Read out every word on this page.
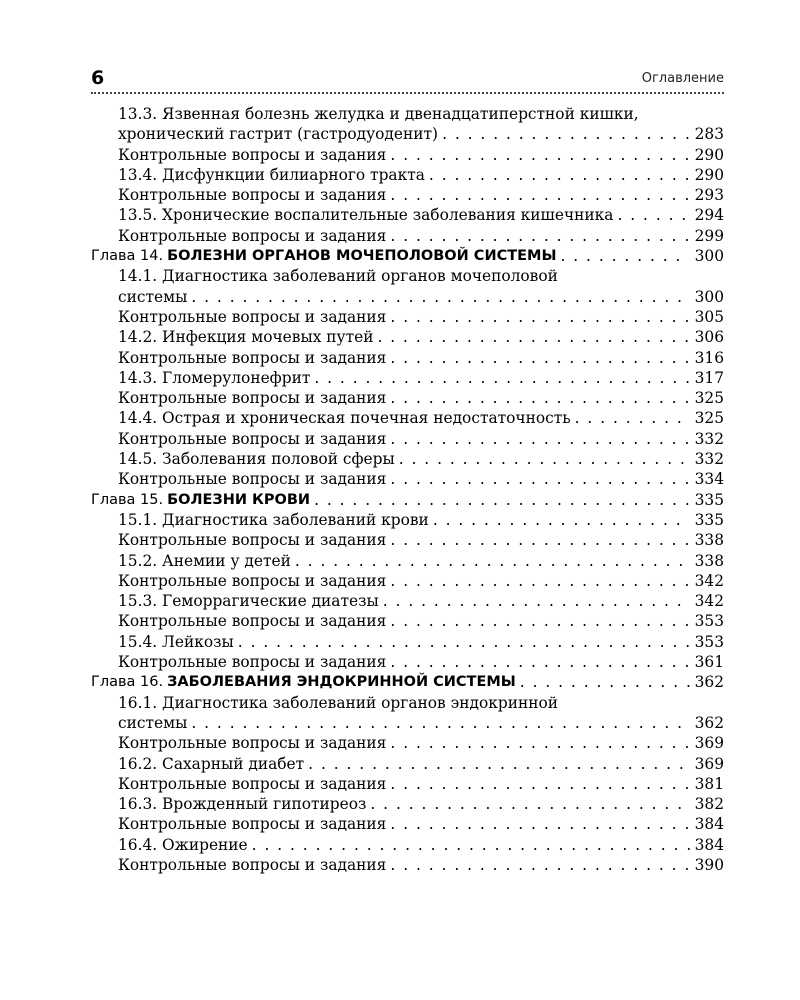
6	Оглавление
13.3. Язвенная болезнь желудка и двенадцатиперстной кишки,
хронический гастрит (гастродуоденит) . . .	283
Контрольные вопросы и задания . . .	290
13.4. Дисфункции билиарного тракта . . .	290
Контрольные вопросы и задания . . .	293
13.5. Хронические воспалительные заболевания кишечника . . .	294
Контрольные вопросы и задания . . .	299
Глава 14. БОЛЕЗНИ ОРГАНОВ МОЧЕПОЛОВОЙ СИСТЕМЫ . . .	300
14.1. Диагностика заболеваний органов мочеполовой
системы . . .	300
Контрольные вопросы и задания . . .	305
14.2. Инфекция мочевых путей . . .	306
Контрольные вопросы и задания . . .	316
14.3. Гломерулонефрит . . .	317
Контрольные вопросы и задания . . .	325
14.4. Острая и хроническая почечная недостаточность . . .	325
Контрольные вопросы и задания . . .	332
14.5. Заболевания половой сферы . . .	332
Контрольные вопросы и задания . . .	334
Глава 15. БОЛЕЗНИ КРОВИ . . .	335
15.1. Диагностика заболеваний крови . . .	335
Контрольные вопросы и задания . . .	338
15.2. Анемии у детей . . .	338
Контрольные вопросы и задания . . .	342
15.3. Геморрагические диатезы . . .	342
Контрольные вопросы и задания . . .	353
15.4. Лейкозы . . .	353
Контрольные вопросы и задания . . .	361
Глава 16. ЗАБОЛЕВАНИЯ ЭНДОКРИННОЙ СИСТЕМЫ . . .	362
16.1. Диагностика заболеваний органов эндокринной
системы . . .	362
Контрольные вопросы и задания . . .	369
16.2. Сахарный диабет . . .	369
Контрольные вопросы и задания . . .	381
16.3. Врожденный гипотиреоз . . .	382
Контрольные вопросы и задания . . .	384
16.4. Ожирение . . .	384
Контрольные вопросы и задания . . .	390
